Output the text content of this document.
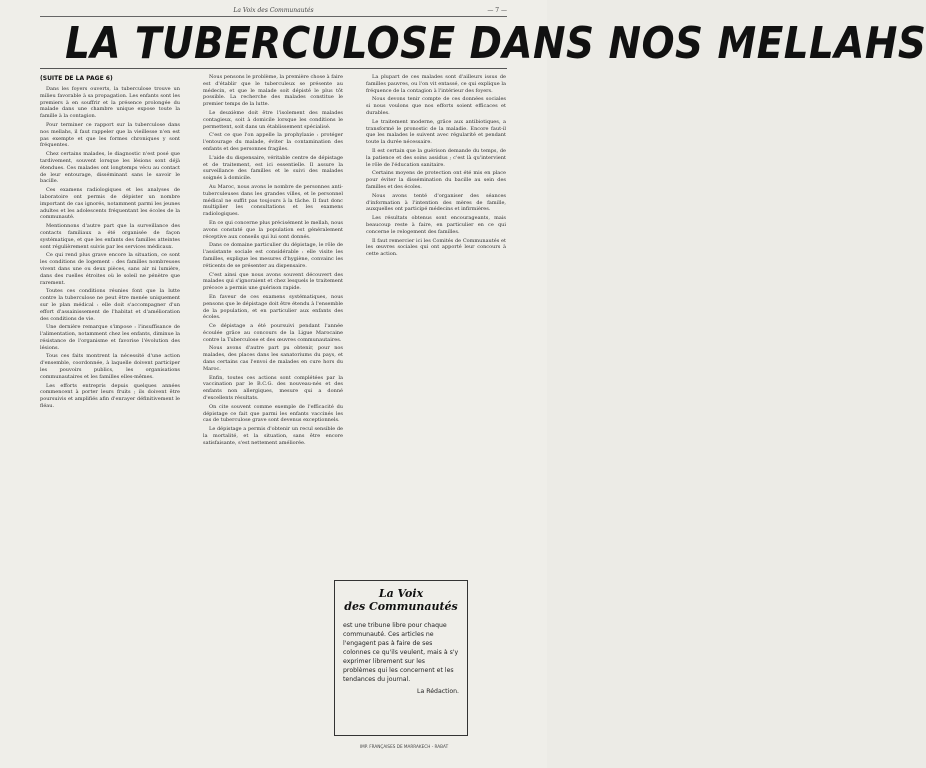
La Voix des Communautés	— 7 —
LA TUBERCULOSE DANS NOS MELLAHS
(SUITE DE LA PAGE 6)

Dans les foyers ouverts, la tuberculose trouve un milieu favorable à sa propagation. Les enfants sont les premiers à en souffrir et la présence prolongée du malade dans une chambre unique expose toute la famille à la contagion.

Pour terminer ce rapport sur la tuberculose dans nos mellahs, il faut rappeler que la vieillesse n'en est pas exempte et que les formes chroniques y sont fréquentes.

Chez certains malades, le diagnostic n'est posé que tardivement, souvent lorsque les lésions sont déjà étendues. Ces malades ont longtemps vécu au contact de leur entourage, disséminant sans le savoir le bacille.

Ces examens radiologiques et les analyses de laboratoire ont permis de dépister un nombre important de cas ignorés, notamment parmi les jeunes adultes et les adolescents fréquentant les écoles de la communauté.

Mentionnons d'autre part que la surveillance des contacts familiaux a été organisée de façon systématique, et que les enfants des familles atteintes sont régulièrement suivis par les services médicaux.

Ce qui rend plus grave encore la situation, ce sont les conditions de logement : des familles nombreuses vivent dans une ou deux pièces, sans air ni lumière, dans des ruelles étroites où le soleil ne pénètre que rarement.

Toutes ces conditions réunies font que la lutte contre la tuberculose ne peut être menée uniquement sur le plan médical : elle doit s'accompagner d'un effort d'assainissement de l'habitat et d'amélioration des conditions de vie.

Une dernière remarque s'impose : l'insuffisance de l'alimentation, notamment chez les enfants, diminue la résistance de l'organisme et favorise l'évolution des lésions.

Tous ces faits montrent la nécessité d'une action d'ensemble, coordonnée, à laquelle doivent participer les pouvoirs publics, les organisations communautaires et les familles elles-mêmes.

Les efforts entrepris depuis quelques années commencent à porter leurs fruits ; ils doivent être poursuivis et amplifiés afin d'enrayer définitivement le fléau.

Nous pensons le problème, la première chose à faire est d'établir que le tuberculeux se présente au médecin, et que le malade soit dépisté le plus tôt possible. La recherche des malades constitue le premier temps de la lutte.

Le deuxième doit être l'isolement des malades contagieux, soit à domicile lorsque les conditions le permettent, soit dans un établissement spécialisé.

C'est ce que l'on appelle la prophylaxie : protéger l'entourage du malade, éviter la contamination des enfants et des personnes fragiles.

L'aide du dispensaire, véritable centre de dépistage et de traitement, est ici essentielle. Il assure la surveillance des familles et le suivi des malades soignés à domicile.

Au Maroc, nous avons le nombre de personnes anti-tuberculeuses dans les grandes villes, et le personnel médical ne suffit pas toujours à la tâche. Il faut donc multiplier les consultations et les examens radiologiques.

En ce qui concerne plus précisément le mellah, nous avons constaté que la population est généralement réceptive aux conseils qui lui sont donnés.

Dans ce domaine particulier du dépistage, le rôle de l'assistante sociale est considérable : elle visite les familles, explique les mesures d'hygiène, convainc les réticents de se présenter au dispensaire.

C'est ainsi que nous avons souvent découvert des malades qui s'ignoraient et chez lesquels le traitement précoce a permis une guérison rapide.

En faveur de ces examens systématiques, nous pensons que le dépistage doit être étendu à l'ensemble de la population, et en particulier aux enfants des écoles.

Ce dépistage a été poursuivi pendant l'année écoulée grâce au concours de la Ligue Marocaine contre la Tuberculose et des œuvres communautaires.

Nous avons d'autre part pu obtenir, pour nos malades, des places dans les sanatoriums du pays, et dans certains cas l'envoi de malades en cure hors du Maroc.

Enfin, toutes ces actions sont complétées par la vaccination par le B.C.G. des nouveau-nés et des enfants non allergiques, mesure qui a donné d'excellents résultats.

On cite souvent comme exemple de l'efficacité du dépistage ce fait que parmi les enfants vaccinés les cas de tuberculose grave sont devenus exceptionnels.

Le dépistage a permis d'obtenir un recul sensible de la mortalité, et la situation, sans être encore satisfaisante, s'est nettement améliorée.

La plupart de ces malades sont d'ailleurs issus de familles pauvres, ou l'on vit entassé, ce qui explique la fréquence de la contagion à l'intérieur des foyers.

Nous devons tenir compte de ces données sociales si nous voulons que nos efforts soient efficaces et durables.

Le traitement moderne, grâce aux antibiotiques, a transformé le pronostic de la maladie. Encore faut-il que les malades le suivent avec régularité et pendant toute la durée nécessaire.

Il est certain que la guérison demande du temps, de la patience et des soins assidus ; c'est là qu'intervient le rôle de l'éducation sanitaire.

Certains moyens de protection ont été mis en place pour éviter la dissémination du bacille au sein des familles et des écoles.

Nous avons tenté d'organiser des séances d'information à l'intention des mères de famille, auxquelles ont participé médecins et infirmières.

Les résultats obtenus sont encourageants, mais beaucoup reste à faire, en particulier en ce qui concerne le relogement des familles.

Il faut remercier ici les Comités de Communautés et les œuvres sociales qui ont apporté leur concours à cette action.

La Voix
des Communautés
est une tribune libre pour chaque communauté. Ces articles ne l'engagent pas à faire de ses colonnes ce qu'ils veulent, mais à s'y exprimer librement sur les problèmes qui les concernent et les tendances du journal.
La Rédaction.
IMP. FRANÇAISES DE MARRAKECH - RABAT
